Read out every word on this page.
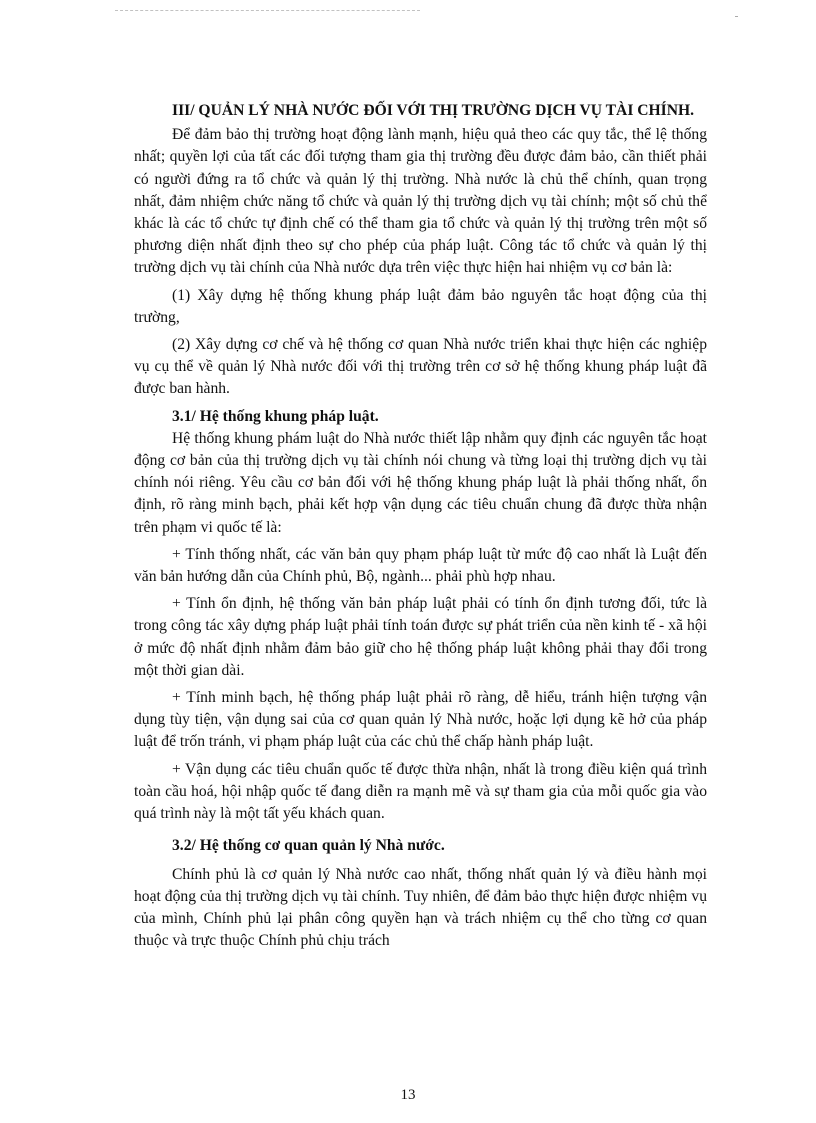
III/ QUẢN LÝ NHÀ NƯỚC ĐỐI VỚI THỊ TRƯỜNG DỊCH VỤ TÀI CHÍNH.

Để đảm bảo thị trường hoạt động lành mạnh, hiệu quả theo các quy tắc, thể lệ thống nhất; quyền lợi của tất các đối tượng tham gia thị trường đều được đảm bảo, cần thiết phải có người đứng ra tổ chức và quản lý thị trường. Nhà nước là chủ thể chính, quan trọng nhất, đảm nhiệm chức năng tổ chức và quản lý thị trường dịch vụ tài chính; một số chủ thể khác là các tổ chức tự định chế có thể tham gia tổ chức và quản lý thị trường trên một số phương diện nhất định theo sự cho phép của pháp luật. Công tác tổ chức và quản lý thị trường dịch vụ tài chính của Nhà nước dựa trên việc thực hiện hai nhiệm vụ cơ bản là:

(1) Xây dựng hệ thống khung pháp luật đảm bảo nguyên tắc hoạt động của thị trường,

(2) Xây dựng cơ chế và hệ thống cơ quan Nhà nước triển khai thực hiện các nghiệp vụ cụ thể về quản lý Nhà nước đối với thị trường trên cơ sở hệ thống khung pháp luật đã được ban hành.

3.1/ Hệ thống khung pháp luật.

Hệ thống khung phám luật do Nhà nước thiết lập nhằm quy định các nguyên tắc hoạt động cơ bản của thị trường dịch vụ tài chính nói chung và từng loại thị trường dịch vụ tài chính nói riêng. Yêu cầu cơ bản đối với hệ thống khung pháp luật là phải thống nhất, ổn định, rõ ràng minh bạch, phải kết hợp vận dụng các tiêu chuẩn chung đã được thừa nhận trên phạm vi quốc tế là:

+ Tính thống nhất, các văn bản quy phạm pháp luật từ mức độ cao nhất là Luật đến văn bản hướng dẫn của Chính phủ, Bộ, ngành... phải phù hợp nhau.

+ Tính ổn định, hệ thống văn bản pháp luật phải có tính ổn định tương đối, tức là trong công tác xây dựng pháp luật phải tính toán được sự phát triển của nền kinh tế - xã hội ở mức độ nhất định nhằm đảm bảo giữ cho hệ thống pháp luật không phải thay đổi trong một thời gian dài.

+ Tính minh bạch, hệ thống pháp luật phải rõ ràng, dễ hiểu, tránh hiện tượng vận dụng tùy tiện, vận dụng sai của cơ quan quản lý Nhà nước, hoặc lợi dụng kẽ hở của pháp luật để trốn tránh, vi phạm pháp luật của các chủ thể chấp hành pháp luật.

+ Vận dụng các tiêu chuẩn quốc tế được thừa nhận, nhất là trong điều kiện quá trình toàn cầu hoá, hội nhập quốc tế đang diễn ra mạnh mẽ và sự tham gia của mỗi quốc gia vào quá trình này là một tất yếu khách quan.

3.2/ Hệ thống cơ quan quản lý Nhà nước.

Chính phủ là cơ quản lý Nhà nước cao nhất, thống nhất quản lý và điều hành mọi hoạt động của thị trường dịch vụ tài chính. Tuy nhiên, để đảm bảo thực hiện được nhiệm vụ của mình, Chính phủ lại phân công quyền hạn và trách nhiệm cụ thể cho từng cơ quan thuộc và trực thuộc Chính phủ chịu trách

13
